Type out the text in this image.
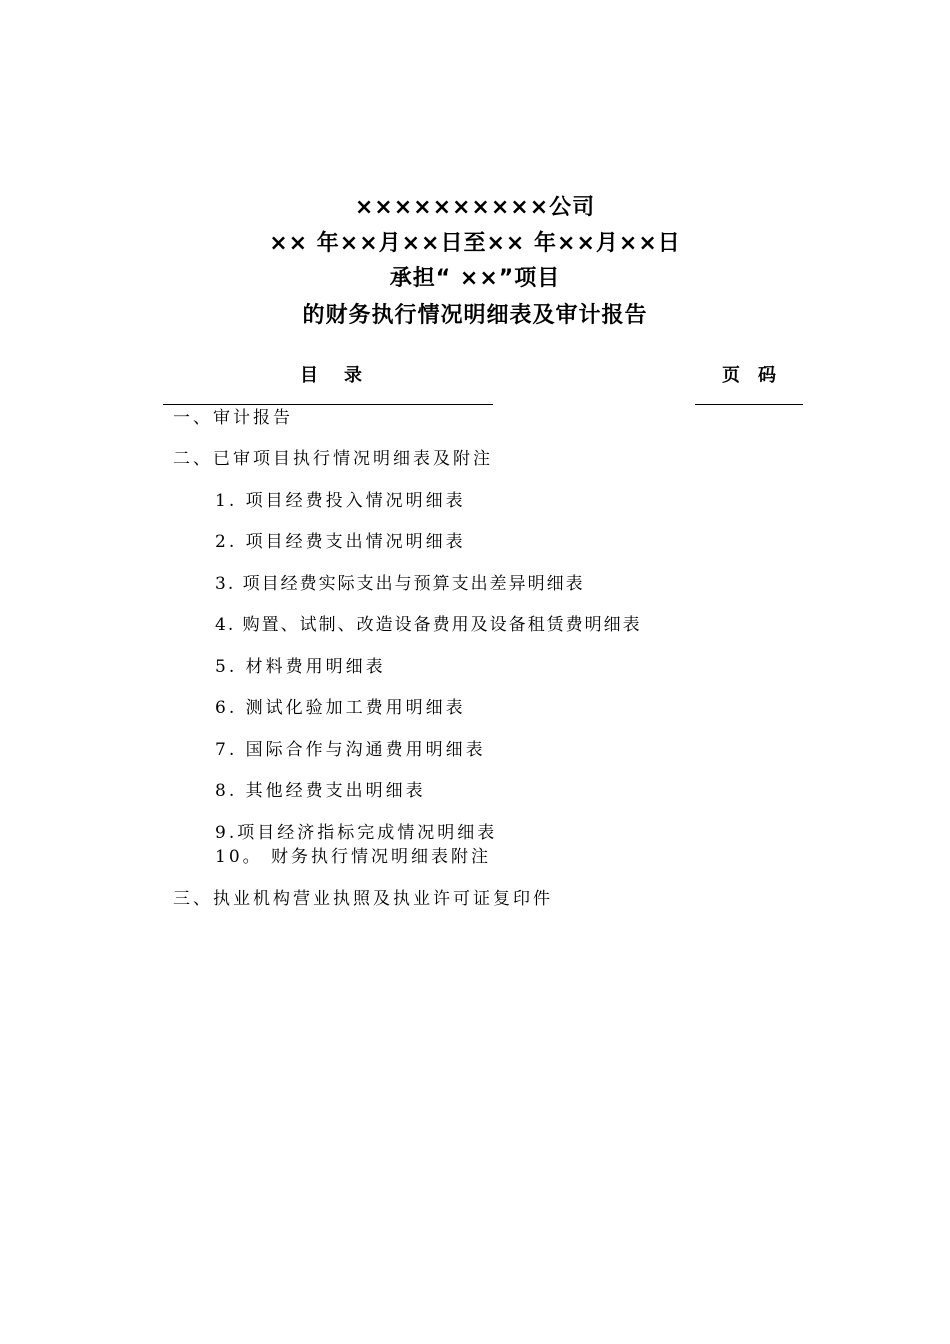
××××××××××公司
×× 年××月××日至×× 年××月××日
承担“ ××”项目
的财务执行情况明细表及审计报告
目录	页码
一、审计报告
二、已审项目执行情况明细表及附注
1. 项目经费投入情况明细表
2. 项目经费支出情况明细表
3. 项目经费实际支出与预算支出差异明细表
4. 购置、试制、改造设备费用及设备租赁费明细表
5. 材料费用明细表
6. 测试化验加工费用明细表
7. 国际合作与沟通费用明细表
8. 其他经费支出明细表
9.项目经济指标完成情况明细表
10。 财务执行情况明细表附注
三、执业机构营业执照及执业许可证复印件
